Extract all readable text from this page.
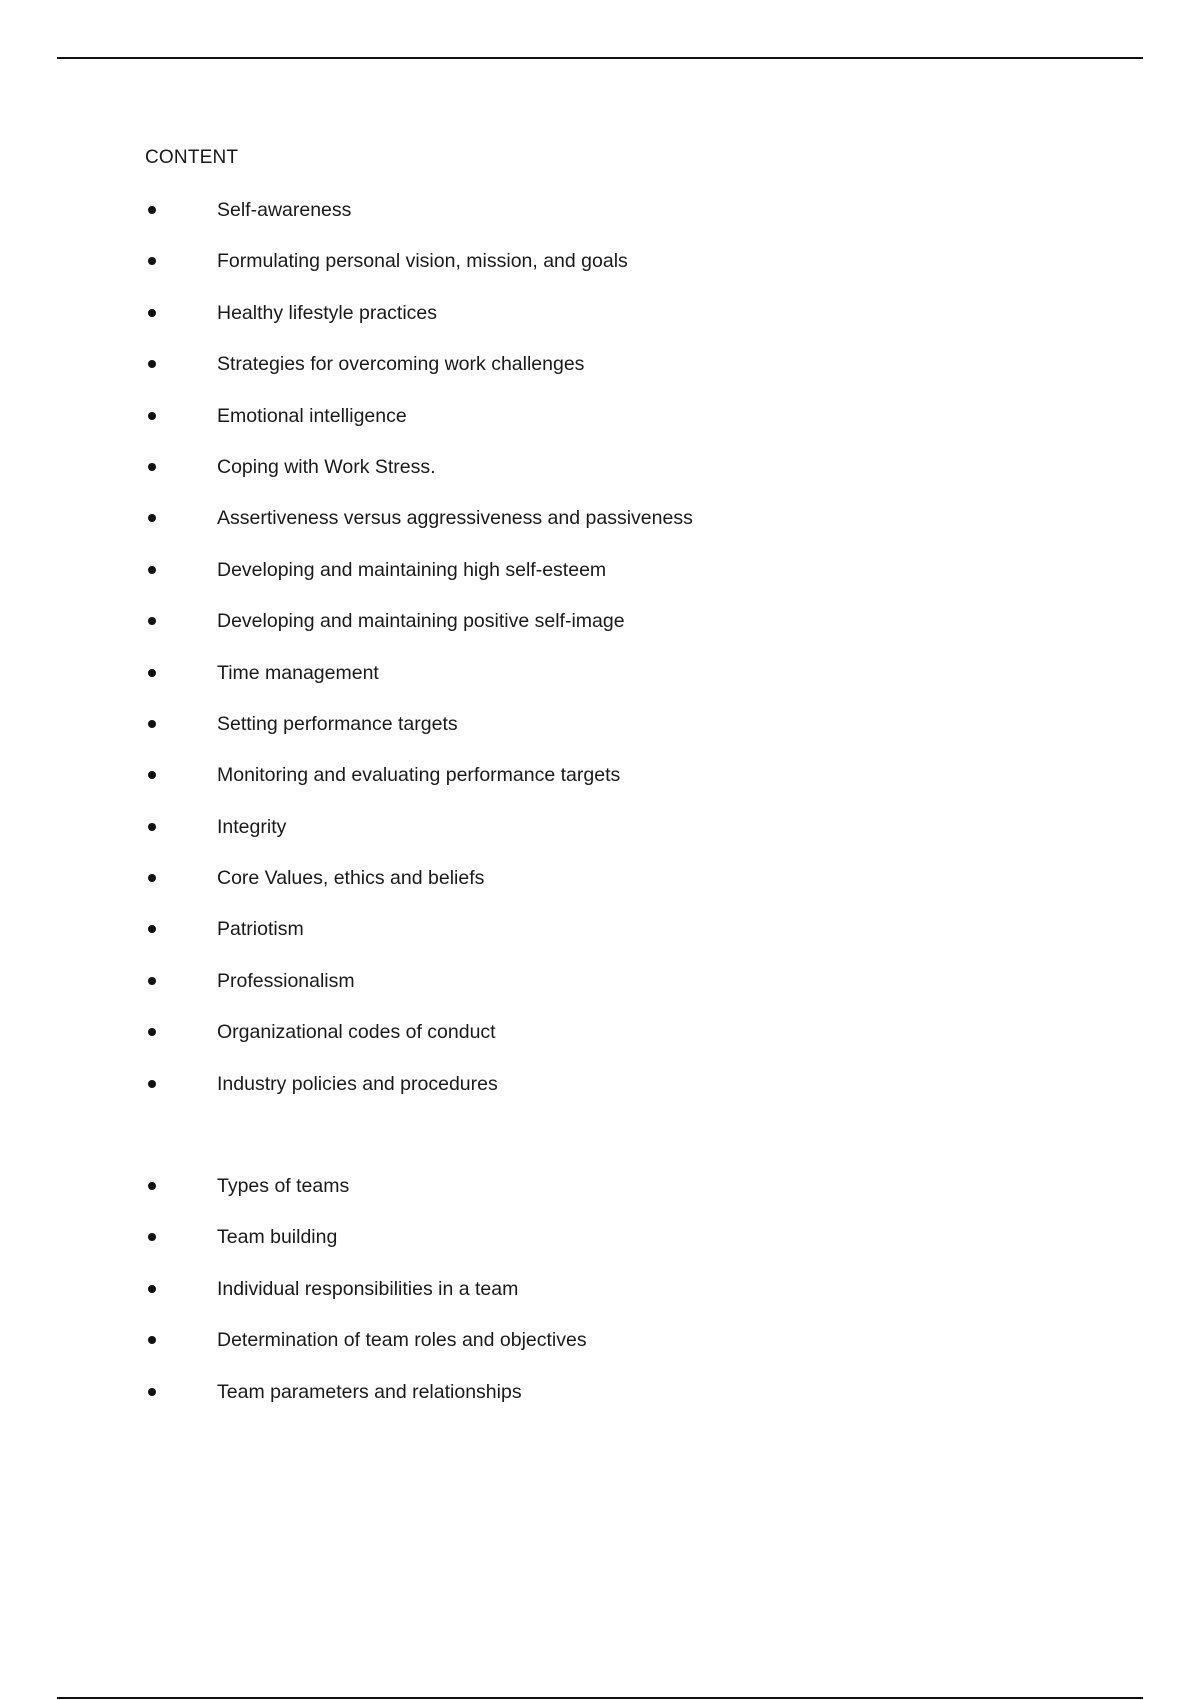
CONTENT
Self-awareness
Formulating personal vision, mission, and goals
Healthy lifestyle practices
Strategies for overcoming work challenges
Emotional intelligence
Coping with Work Stress.
Assertiveness versus aggressiveness and passiveness
Developing and maintaining high self-esteem
Developing and maintaining positive self-image
Time management
Setting performance targets
Monitoring and evaluating performance targets
Integrity
Core Values, ethics and beliefs
Patriotism
Professionalism
Organizational codes of conduct
Industry policies and procedures
Types of teams
Team building
Individual responsibilities in a team
Determination of team roles and objectives
Team parameters and relationships
